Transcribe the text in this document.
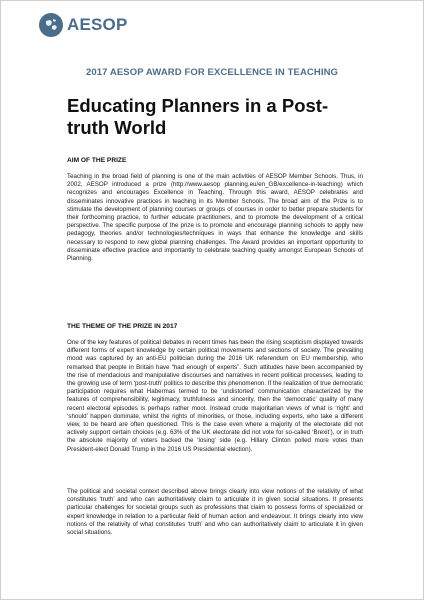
AESOP
2017 AESOP AWARD FOR EXCELLENCE IN TEACHING
Educating Planners in a Post-truth World
AIM OF THE PRIZE

Teaching in the broad field of planning is one of the main activities of AESOP Member Schools. Thus, in 2002, AESOP introduced a prize (http://www.aesop planning.eu/en_GB/excellence-in-teaching) which recognizes and encourages Excellence in Teaching. Through this award, AESOP celebrates and disseminates innovative practices in teaching in its Member Schools. The broad aim of the Prize is to stimulate the development of planning courses or groups of courses in order to better prepare students for their forthcoming practice, to further educate practitioners, and to promote the development of a critical perspective. The specific purpose of the prize is to promote and encourage planning schools to apply new pedagogy, theories and/or technologies/techniques in ways that enhance the knowledge and skills necessary to respond to new global planning challenges. The Award provides an important opportunity to disseminate effective practice and importantly to celebrate teaching quality amongst European Schools of Planning.

THE THEME OF THE PRIZE IN 2017

One of the key features of political debates in recent times has been the rising scepticism displayed towards different forms of expert knowledge by certain political movements and sections of society. The prevailing mood was captured by an anti-EU politician during the 2016 UK referendum on EU membership, who remarked that people in Britain have “had enough of experts”. Such attitudes have been accompanied by the rise of mendacious and manipulative discourses and narratives in recent political processes, leading to the growing use of term ‘post-truth’ politics to describe this phenomenon. If the realization of true democratic participation requires what Habermas termed to be ‘undistorted’ communication characterized by the features of comprehensibility, legitimacy, truthfulness and sincerity, then the ‘democratic’ quality of many recent electoral episodes is perhaps rather moot. Instead crude majoritarian views of what is ‘right’ and ‘should’ happen dominate, whilst the rights of minorities, or those, including experts, who take a different view, to be heard are often questioned. This is the case even where a majority of the electorate did not actively support certain choices (e.g. 63% of the UK electorate did not vote for so-called ‘Brexit’), or in truth the absolute majority of voters backed the ‘losing’ side (e.g. Hillary Clinton polled more votes than President-elect Donald Trump in the 2016 US Presidential election).

The political and societal context described above brings clearly into view notions of the relativity of what constitutes ‘truth’ and who can authoritatively claim to articulate it in given social situations. It presents particular challenges for societal groups such as professions that claim to possess forms of specialized or expert knowledge in relation to a particular field of human action and endeavour. It brings clearly into view notions of the relativity of what constitutes ‘truth’ and who can authoritatively claim to articulate it in given social situations.
